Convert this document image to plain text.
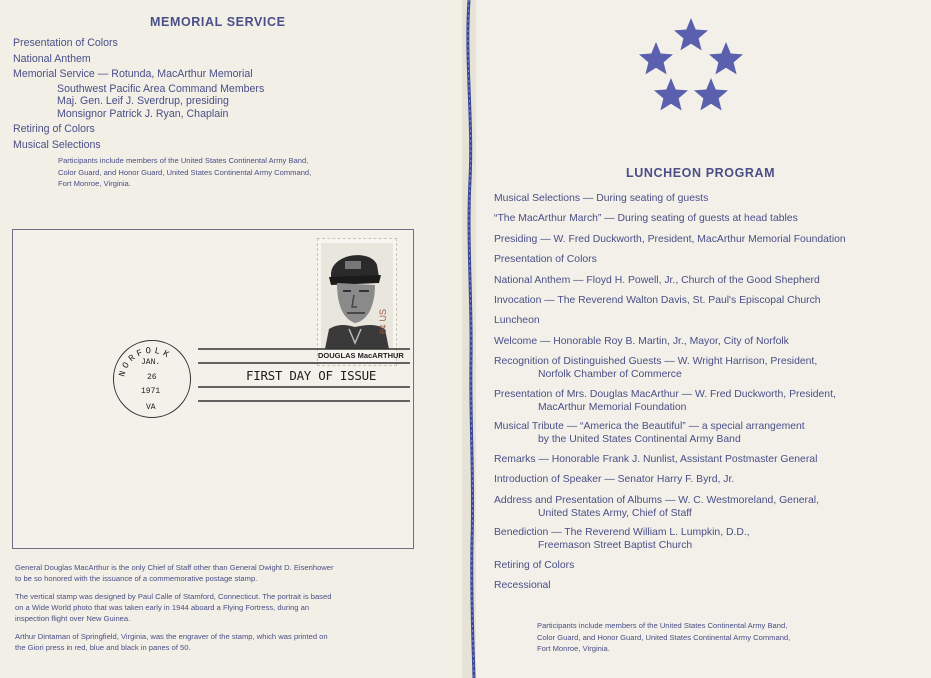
MEMORIAL SERVICE
Presentation of Colors
National Anthem
Memorial Service — Rotunda, MacArthur Memorial
Southwest Pacific Area Command Members
Maj. Gen. Leif J. Sverdrup, presiding
Monsignor Patrick J. Ryan, Chaplain
Retiring of Colors
Musical Selections
Participants include members of the United States Continental Army Band,
Color Guard, and Honor Guard, United States Continental Army Command,
Fort Monroe, Virginia.
6¢ US
DOUGLAS MacARTHUR
NORFOLK
JAN.
26
1971
VA
FIRST DAY OF ISSUE
General Douglas MacArthur is the only Chief of Staff other than General Dwight D. Eisenhower
to be so honored with the issuance of a commemorative postage stamp.
The vertical stamp was designed by Paul Calle of Stamford, Connecticut. The portrait is based
on a Wide World photo that was taken early in 1944 aboard a Flying Fortress, during an
inspection flight over New Guinea.
Arthur Dintaman of Springfield, Virginia, was the engraver of the stamp, which was printed on
the Giori press in red, blue and black in panes of 50.
LUNCHEON PROGRAM
Participants include members of the United States Continental Army Band,
Color Guard, and Honor Guard, United States Continental Army Command,
Fort Monroe, Virginia.
Musical Selections — During seating of guests
“The MacArthur March” — During seating of guests at head tables
Presiding — W. Fred Duckworth, President, MacArthur Memorial Foundation
Presentation of Colors
National Anthem — Floyd H. Powell, Jr., Church of the Good Shepherd
Invocation — The Reverend Walton Davis, St. Paul's Episcopal Church
Luncheon
Welcome — Honorable Roy B. Martin, Jr., Mayor, City of Norfolk
Recognition of Distinguished Guests — W. Wright Harrison, President,
Norfolk Chamber of Commerce
Presentation of Mrs. Douglas MacArthur — W. Fred Duckworth, President,
MacArthur Memorial Foundation
Musical Tribute — “America the Beautiful” — a special arrangement
by the United States Continental Army Band
Remarks — Honorable Frank J. Nunlist, Assistant Postmaster General
Introduction of Speaker — Senator Harry F. Byrd, Jr.
Address and Presentation of Albums — W. C. Westmoreland, General,
United States Army, Chief of Staff
Benediction — The Reverend William L. Lumpkin, D.D.,
Freemason Street Baptist Church
Retiring of Colors
Recessional
